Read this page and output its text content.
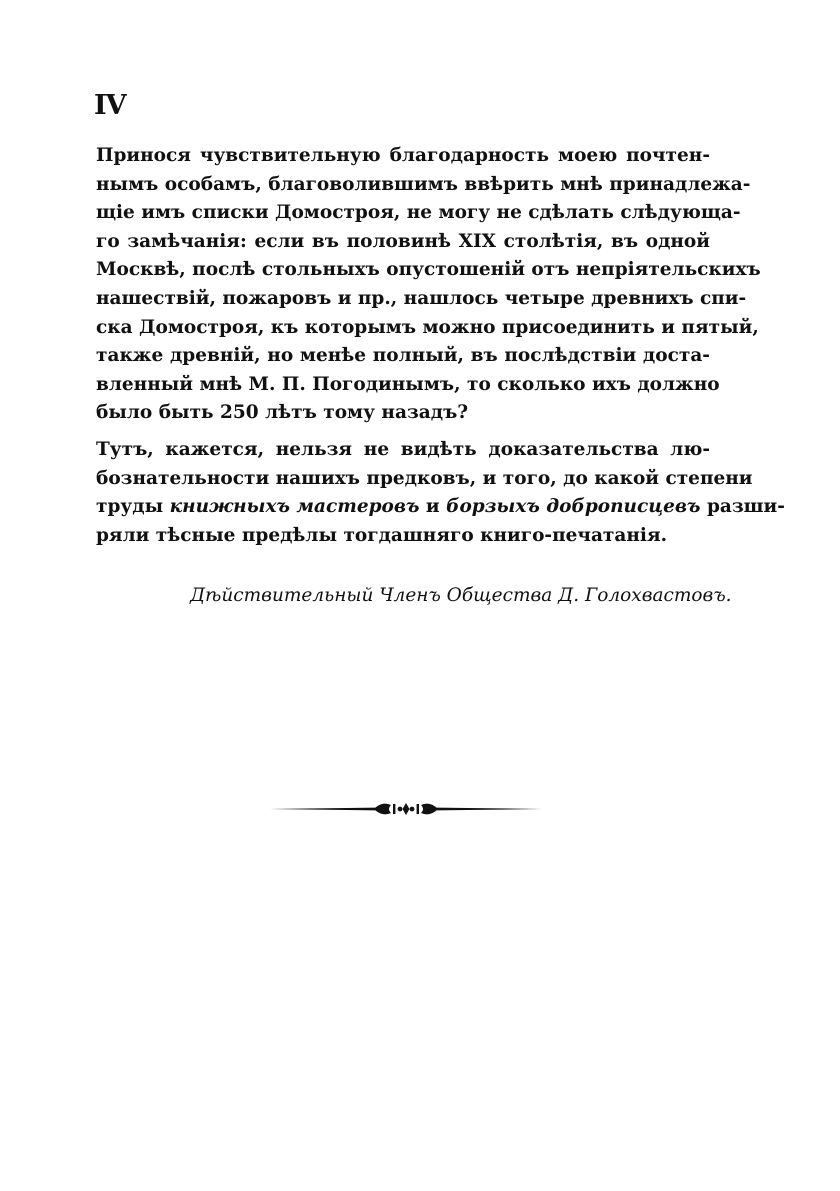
IV
Принося чувствительную благодарность моею почтен-
нымъ особамъ, благоволившимъ ввѣрить мнѣ принадлежа-
щіе имъ списки Домостроя, не могу не сдѣлать слѣдующа-
го замѣчанія: если въ половинѣ XIX столѣтія, въ одной
Москвѣ, послѣ стольныхъ опустошеній отъ непріятельскихъ
нашествій, пожаровъ и пр., нашлось четыре древнихъ спи-
ска Домостроя, къ которымъ можно присоединить и пятый,
также древній, но менѣе полный, въ послѣдствіи доста-
вленный мнѣ М. П. Погодинымъ, то сколько ихъ должно
было быть 250 лѣтъ тому назадъ?
Тутъ, кажется, нельзя не видѣть доказательства лю-
бознательности нашихъ предковъ, и того, до какой степени
труды книжныхъ мастеровъ и борзыхъ доброписцевъ разши-
ряли тѣсные предѣлы тогдашняго книго-печатанія.
Дѣйствительный Членъ Общества Д. Голохвастовъ.
